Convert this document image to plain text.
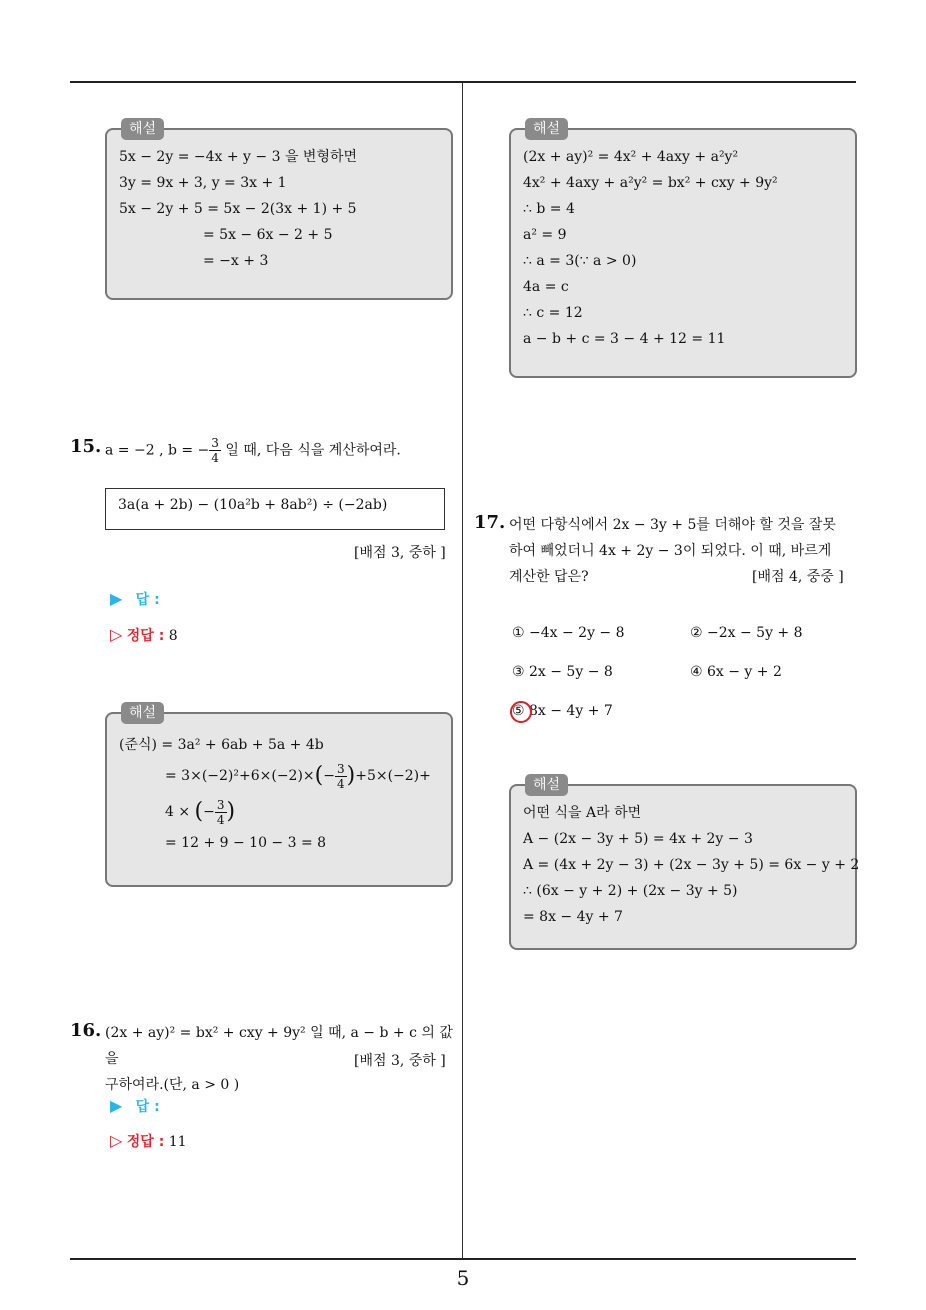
5
해설
5x − 2y = −4x + y − 3 을 변형하면
3y = 9x + 3, y = 3x + 1
5x − 2y + 5 = 5x − 2(3x + 1) + 5
= 5x − 6x − 2 + 5
= −x + 3
15. a = −2 , b = − $\frac{3}{4}$ 일 때, 다음 식을 계산하여라.
3a(a + 2b) − (10a²b + 8ab²) ÷ (−2ab)
[배점 3, 중하 ]
▶ 답 :
▷ 정답 : 8
해설
(준식) = 3a² + 6ab + 5a + 4b
= $3\times(-2)^2+6\times(-2)\times(- \frac{3}{4} )+5\times(-2)+$
4 × (− $\frac{3}{4}$ )
= 12 + 9 − 10 − 3 = 8
16. (2x + ay)² = bx² + cxy + 9y² 일 때, a − b + c 의 값을
구하여라.(단, a > 0 )
[배점 3, 중하 ]
▶ 답 :
▷ 정답 : 11
해설
(2x + ay)² = 4x² + 4axy + a²y²
4x² + 4axy + a²y² = bx² + cxy + 9y²
∴ b = 4
a² = 9
∴ a = 3(∵ a > 0)
4a = c
∴ c = 12
a − b + c = 3 − 4 + 12 = 11
17. 어떤 다항식에서 2x − 3y + 5를 더해야 할 것을 잘못
하여 빼었더니 4x + 2y − 3이 되었다. 이 때, 바르게
계산한 답은?	[배점 4, 중중 ]
① −4x − 2y − 8	② −2x − 5y + 8
③ 2x − 5y − 8	④ 6x − y + 2
⑤ 8x − 4y + 7
해설
어떤 식을 A라 하면
A − (2x − 3y + 5) = 4x + 2y − 3
A = (4x + 2y − 3) + (2x − 3y + 5) = 6x − y + 2
∴ (6x − y + 2) + (2x − 3y + 5)
= 8x − 4y + 7
